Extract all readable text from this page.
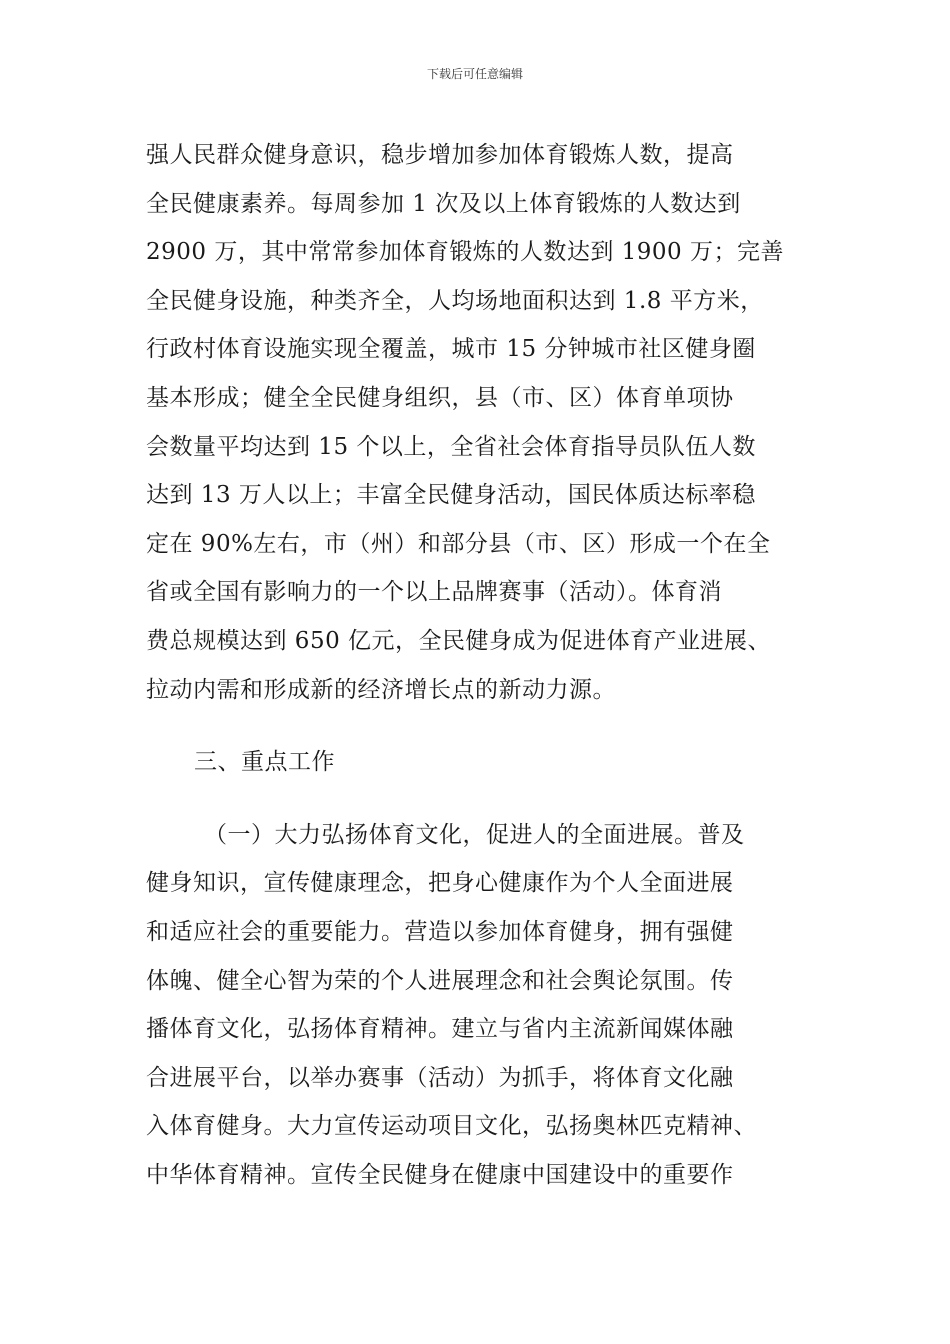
下载后可任意编辑
强人民群众健身意识，稳步增加参加体育锻炼人数，提高
全民健康素养。每周参加 1 次及以上体育锻炼的人数达到
2900 万，其中常常参加体育锻炼的人数达到 1900 万；完善
全民健身设施，种类齐全，人均场地面积达到 1.8 平方米，
行政村体育设施实现全覆盖，城市 15 分钟城市社区健身圈
基本形成；健全全民健身组织，县（市、区）体育单项协
会数量平均达到 15 个以上，全省社会体育指导员队伍人数
达到 13 万人以上；丰富全民健身活动，国民体质达标率稳
定在 90%左右，市（州）和部分县（市、区）形成一个在全
省或全国有影响力的一个以上品牌赛事（活动）。体育消
费总规模达到 650 亿元，全民健身成为促进体育产业进展、
拉动内需和形成新的经济增长点的新动力源。
三、重点工作
（一）大力弘扬体育文化，促进人的全面进展。普及
健身知识，宣传健康理念，把身心健康作为个人全面进展
和适应社会的重要能力。营造以参加体育健身，拥有强健
体魄、健全心智为荣的个人进展理念和社会舆论氛围。传
播体育文化，弘扬体育精神。建立与省内主流新闻媒体融
合进展平台，以举办赛事（活动）为抓手，将体育文化融
入体育健身。大力宣传运动项目文化，弘扬奥林匹克精神、
中华体育精神。宣传全民健身在健康中国建设中的重要作
